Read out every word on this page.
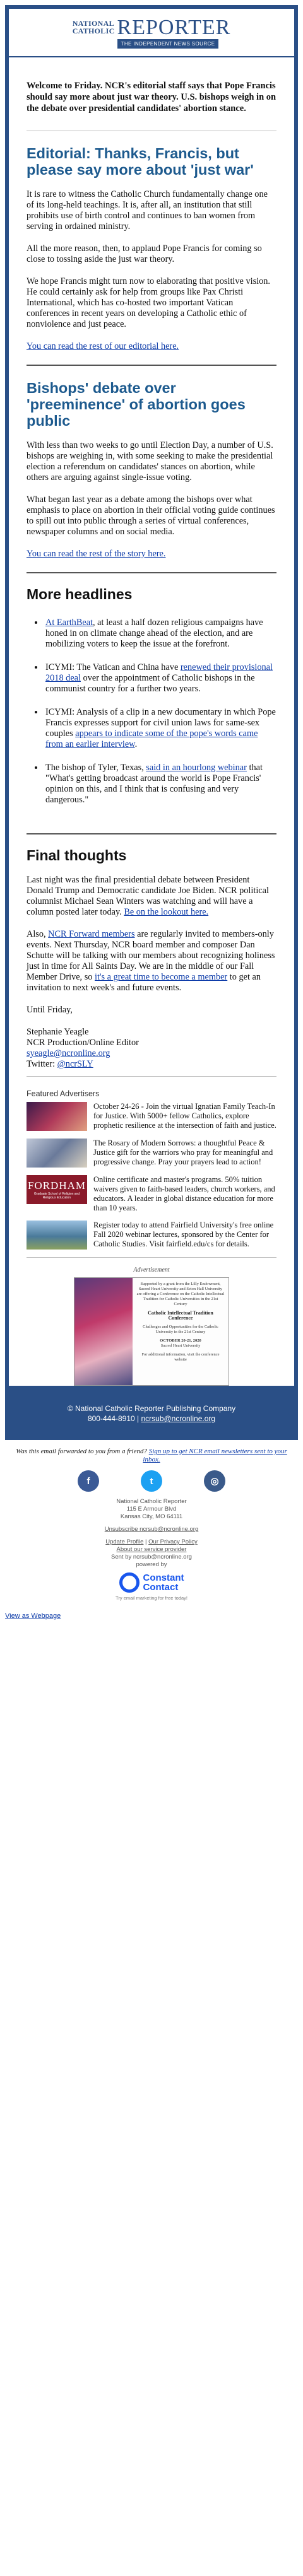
NATIONAL
CATHOLIC REPORTER
THE INDEPENDENT NEWS SOURCE
Welcome to Friday. NCR's editorial staff says that Pope Francis should say more about just war theory. U.S. bishops weigh in on the debate over presidential candidates' abortion stance.
Editorial: Thanks, Francis, but please say more about 'just war'

It is rare to witness the Catholic Church fundamentally change one of its long-held teachings. It is, after all, an institution that still prohibits use of birth control and continues to ban women from serving in ordained ministry.

All the more reason, then, to applaud Pope Francis for coming so close to tossing aside the just war theory.

We hope Francis might turn now to elaborating that positive vision. He could certainly ask for help from groups like Pax Christi International, which has co-hosted two important Vatican conferences in recent years on developing a Catholic ethic of nonviolence and just peace.

You can read the rest of our editorial here.

Bishops' debate over 'preeminence' of abortion goes public

With less than two weeks to go until Election Day, a number of U.S. bishops are weighing in, with some seeking to make the presidential election a referendum on candidates' stances on abortion, while others are arguing against single-issue voting.

What began last year as a debate among the bishops over what emphasis to place on abortion in their official voting guide continues to spill out into public through a series of virtual conferences, newspaper columns and on social media.

You can read the rest of the story here.

More headlines
• At EarthBeat, at least a half dozen religious campaigns have honed in on climate change ahead of the election, and are mobilizing voters to keep the issue at the forefront.
• ICYMI: The Vatican and China have renewed their provisional 2018 deal over the appointment of Catholic bishops in the communist country for a further two years.
• ICYMI: Analysis of a clip in a new documentary in which Pope Francis expresses support for civil union laws for same-sex couples appears to indicate some of the pope's words came from an earlier interview.
• The bishop of Tyler, Texas, said in an hourlong webinar that "What's getting broadcast around the world is Pope Francis' opinion on this, and I think that is confusing and very dangerous."
Final thoughts

Last night was the final presidential debate between President Donald Trump and Democratic candidate Joe Biden. NCR political columnist Michael Sean Winters was watching and will have a column posted later today. Be on the lookout here.

Also, NCR Forward members are regularly invited to members-only events. Next Thursday, NCR board member and composer Dan Schutte will be talking with our members about recognizing holiness just in time for All Saints Day. We are in the middle of our Fall Member Drive, so it's a great time to become a member to get an invitation to next week's and future events.

Until Friday,

Stephanie Yeagle
NCR Production/Online Editor
syeagle@ncronline.org
Twitter: @ncrSLY

Featured Advertisers
October 24-26 - Join the virtual Ignatian Family Teach-In for Justice. With 5000+ fellow Catholics, explore prophetic resilience at the intersection of faith and justice.
The Rosary of Modern Sorrows: a thoughtful Peace & Justice gift for the warriors who pray for meaningful and progressive change. Pray your prayers lead to action!
FORDHAM
Graduate School of Religion and Religious Education
Online certificate and master's programs. 50% tuition waivers given to faith-based leaders, church workers, and educators. A leader in global distance education for more than 10 years.
Register today to attend Fairfield University's free online Fall 2020 webinar lectures, sponsored by the Center for Catholic Studies. Visit fairfield.edu/cs for details.
Advertisement
Supported by a grant from the Lilly Endowment, Sacred Heart University and Seton Hall University are offering a Conference on the Catholic Intellectual Tradition for Catholic Universities in the 21st Century
Catholic Intellectual Tradition Conference
Challenges and Opportunities for the Catholic University in the 21st Century
OCTOBER 20-21, 2020
Sacred Heart University
For additional information, visit the conference website
© National Catholic Reporter Publishing Company
800-444-8910 | ncrsub@ncronline.org
Was this email forwarded to you from a friend? Sign up to get NCR email newsletters sent to your inbox.
f	t	◎
National Catholic Reporter
115 E Armour Blvd
Kansas City, MO 64111
Unsubscribe ncrsub@ncronline.org
Update Profile | Our Privacy Policy
About our service provider
Sent by ncrsub@ncronline.org
powered by
Constant
Contact
Try email marketing for free today!
View as Webpage
